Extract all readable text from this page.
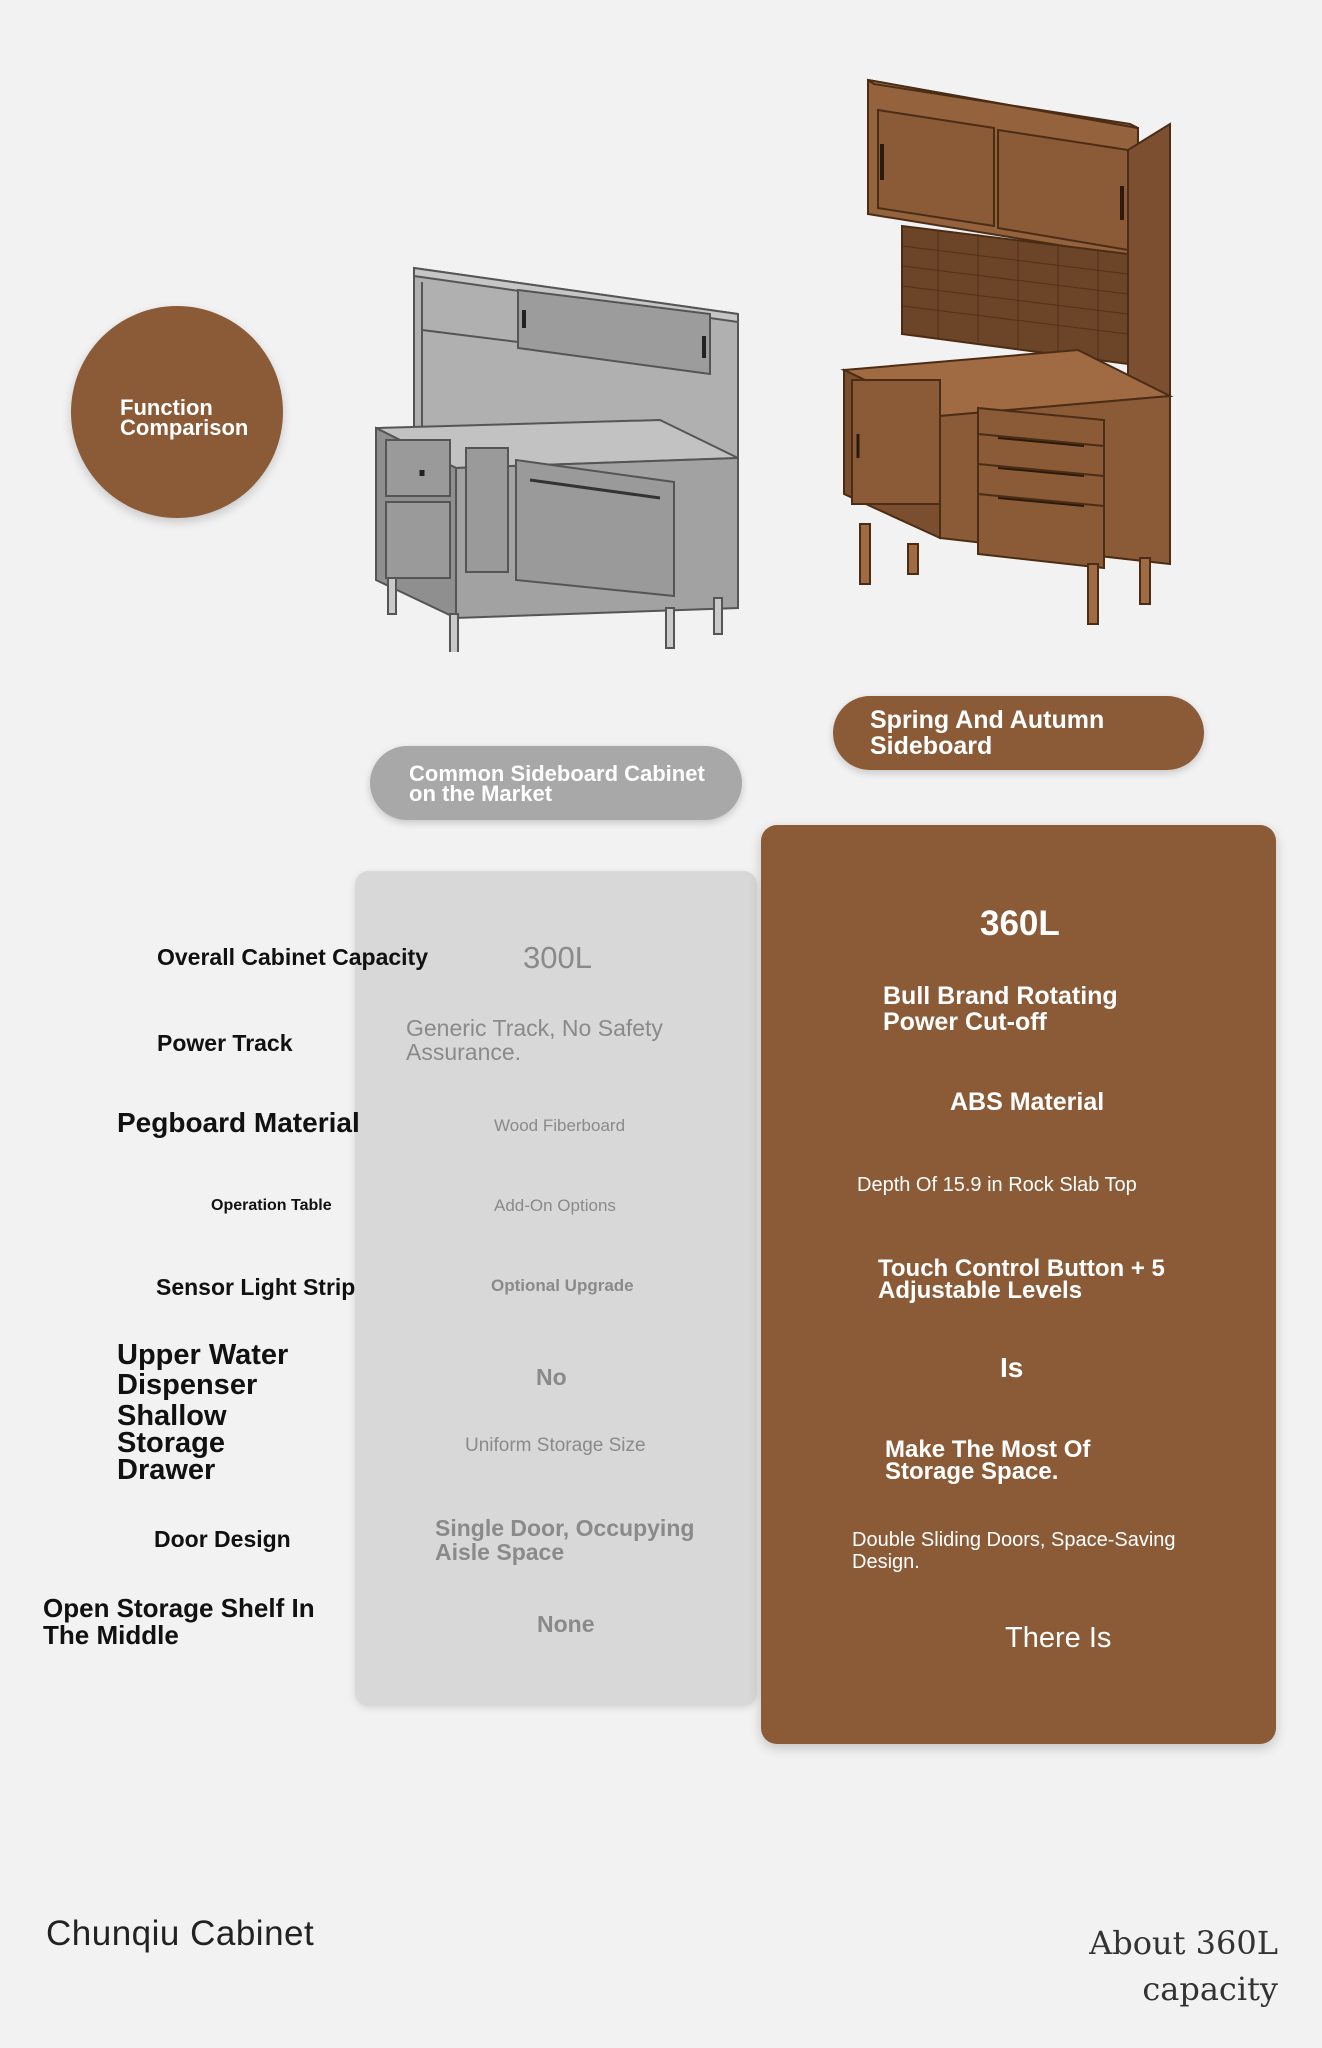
Function Comparison
Common Sideboard Cabinet on the Market
Spring And Autumn Sideboard
Overall Cabinet Capacity
Power Track
Pegboard Material
Operation Table
Sensor Light Strip
Upper Water Dispenser
Shallow Storage Drawer
Door Design
Open Storage Shelf In The Middle
300L
Generic Track, No Safety Assurance.
Wood Fiberboard
Add-On Options
Optional Upgrade
No
Uniform Storage Size
Single Door, Occupying Aisle Space
None
360L
Bull Brand Rotating Power Cut-off
ABS Material
Depth Of 15.9 in Rock Slab Top
Touch Control Button + 5 Adjustable Levels
Is
Make The Most Of Storage Space.
Double Sliding Doors, Space-Saving Design.
There Is
Chunqiu Cabinet	About 360L capacity
